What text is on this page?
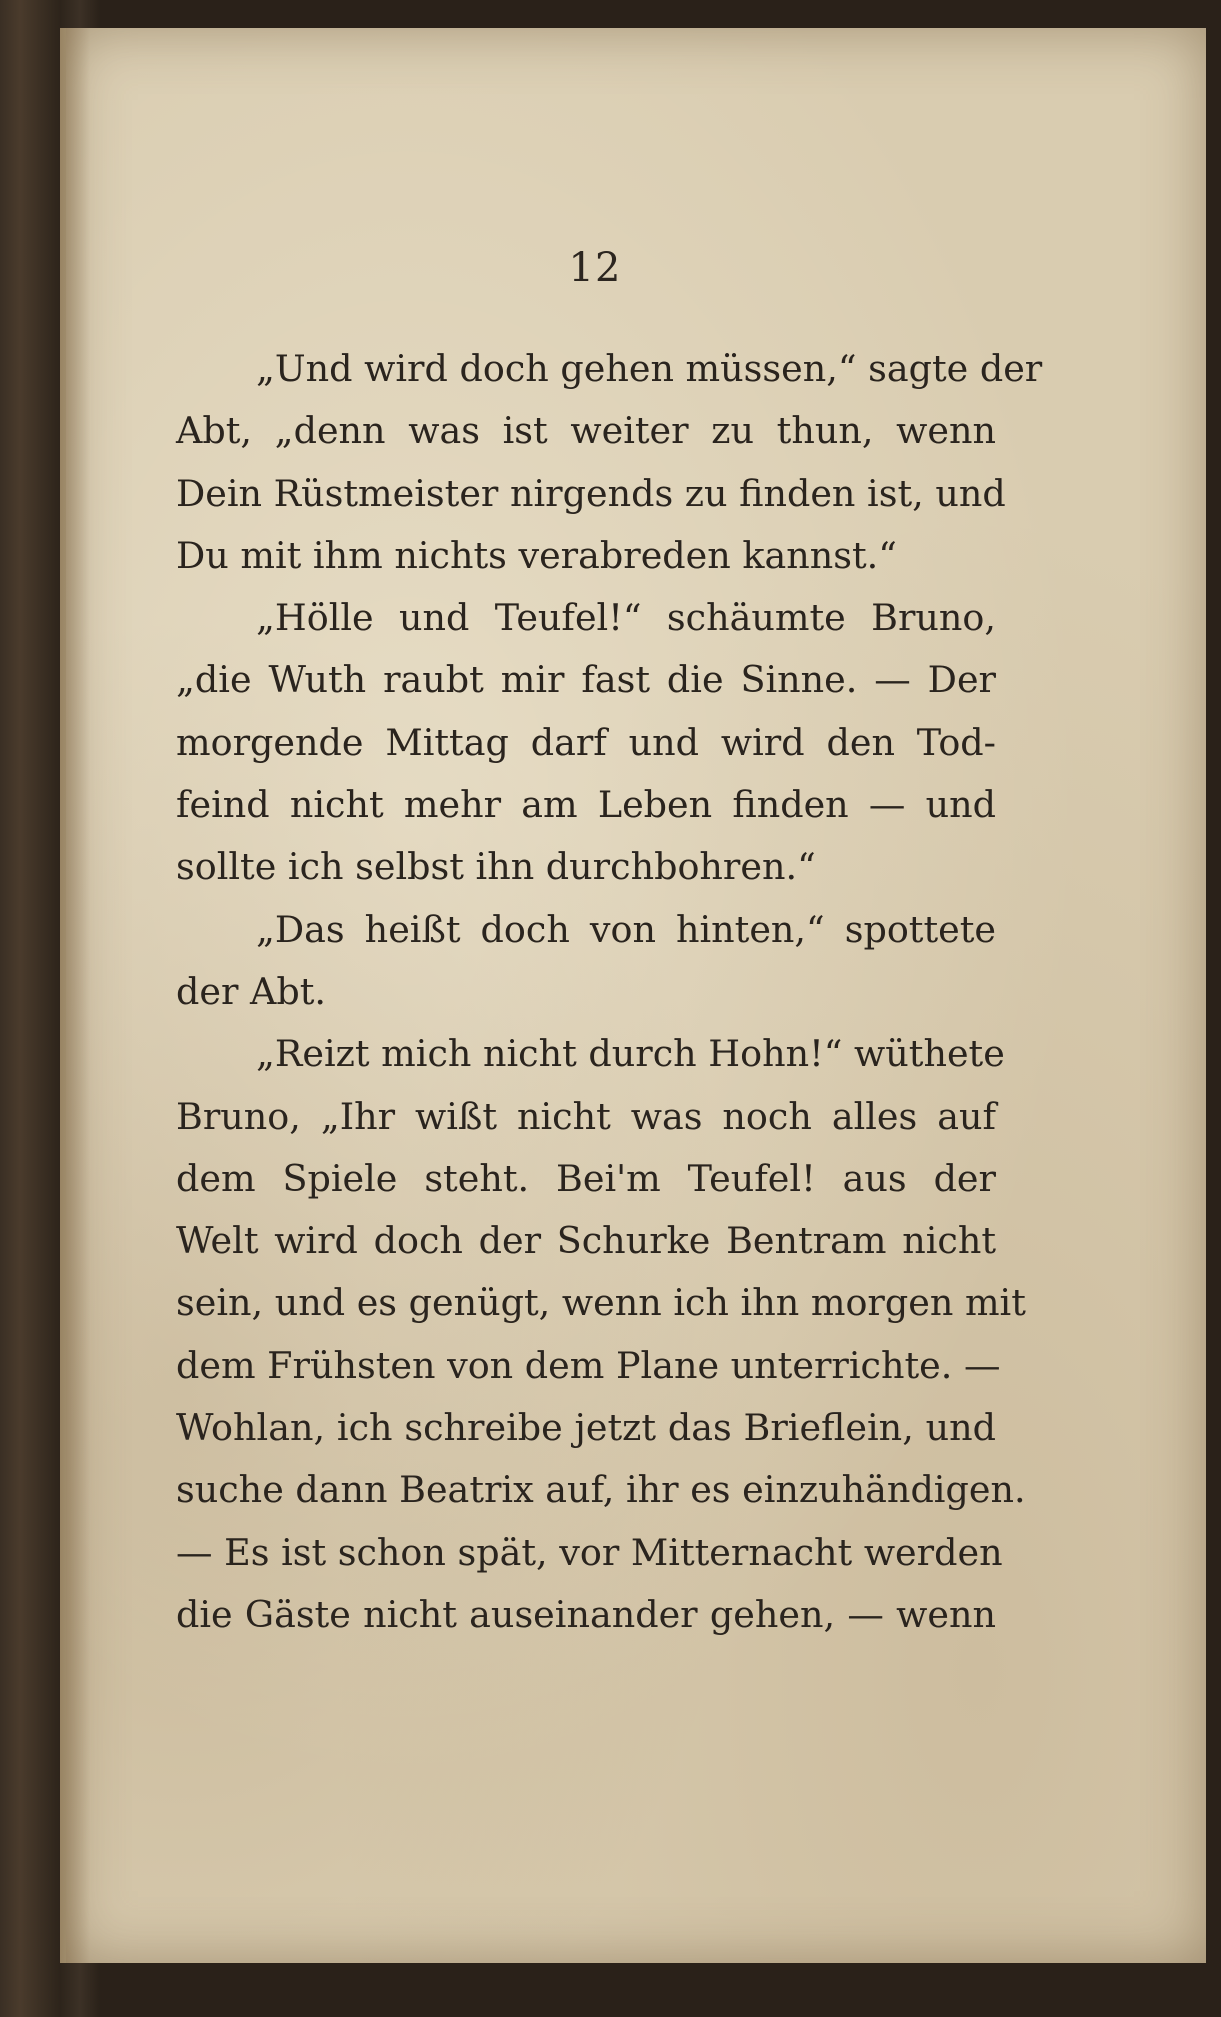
12
„Und wird doch gehen müssen,“ sagte der
Abt, „denn was ist weiter zu thun, wenn
Dein Rüstmeister nirgends zu finden ist, und
Du mit ihm nichts verabreden kannst.“
„Hölle und Teufel!“ schäumte Bruno,
„die Wuth raubt mir fast die Sinne. — Der
morgende Mittag darf und wird den Tod-
feind nicht mehr am Leben finden — und
sollte ich selbst ihn durchbohren.“
„Das heißt doch von hinten,“ spottete
der Abt.
„Reizt mich nicht durch Hohn!“ wüthete
Bruno, „Ihr wißt nicht was noch alles auf
dem Spiele steht. Bei'm Teufel! aus der
Welt wird doch der Schurke Bentram nicht
sein, und es genügt, wenn ich ihn morgen mit
dem Frühsten von dem Plane unterrichte. —
Wohlan, ich schreibe jetzt das Brieflein, und
suche dann Beatrix auf, ihr es einzuhändigen.
— Es ist schon spät, vor Mitternacht werden
die Gäste nicht auseinander gehen, — wenn
